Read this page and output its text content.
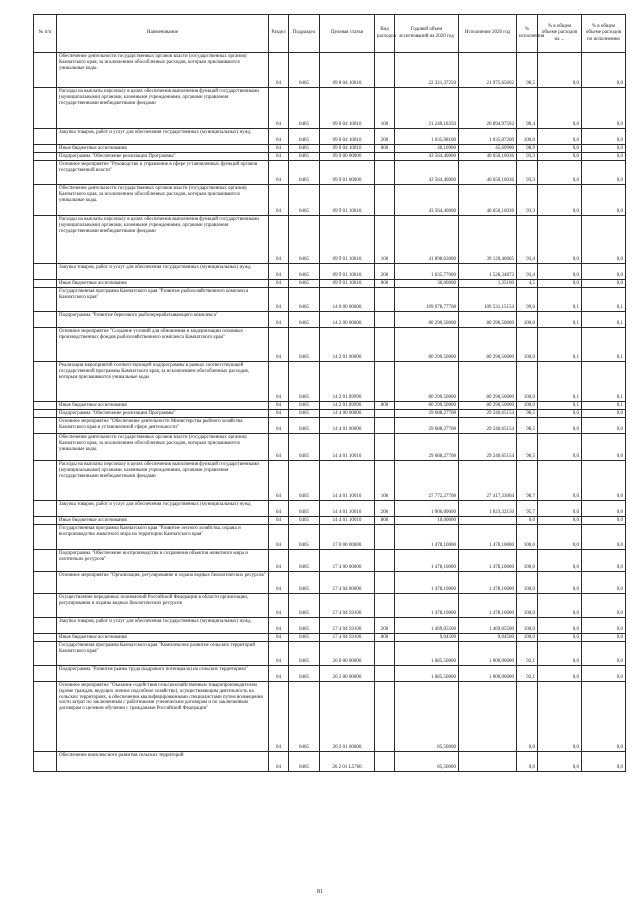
№ п/п	Наименование	Раздел	Подраздел	Целевая статья	Вид расходов	Годовой объем ассигнований на 2020 год	Исполнение 2020 год	% исполнения	% в общем объеме расходов на ...	% в общем объеме расходов по исполнению
	Обеспечение деятельности государственных органов власти (государственных органов) Камчатского края, за исключением обособленных расходов, которым присваиваются уникальные коды.	04	0405	09 8 04 10010		22 321,37250	21 975,65602	98,5	0,0	0,0
	Расходы на выплаты персоналу в целях обеспечения выполнения функций государственными (муниципальными) органами, казенными учреждениями, органами управления государственными внебюджетными фондами	04	0405	09 8 04 10010	100	21 240,18350	20 894,97502	98,4	0,0	0,0
	Закупка товаров, работ и услуг для обеспечения государственных (муниципальных) нужд	04	0405	09 8 04 10010	200	1 035,08100	1 035,07200	100,0	0,0	0,0
	Иные бюджетные ассигнования	04	0405	09 8 04 10010	800	46,10900	45,60900	98,9	0,0	0,0
	Подпрограмма "Обеспечение реализации Программы"	04	0405	09 9 00 00000		43 564,40000	40 650,16036	93,3	0,0	0,0
	Основное мероприятие "Руководство и управление в сфере установленных функций органов государственной власти"	04	0405	09 9 01 00000		43 564,40000	40 650,16036	93,3	0,0	0,0
	Обеспечение деятельности государственных органов власти (государственных органов) Камчатского края, за исключением обособленных расходов, которым присваиваются уникальные коды.	04	0405	09 9 01 10010		43 564,40000	40 650,16036	93,3	0,0	0,0
	Расходы на выплаты персоналу в целях обеспечения выполнения функций государственными (муниципальными) органами, казенными учреждениями, органами управления государственными внебюджетными фондами	04	0405	09 9 01 10010	100	41 898,63000	39 120,46065	93,4	0,0	0,0
	Закупка товаров, работ и услуг для обеспечения государственных (муниципальных) нужд	04	0405	09 9 01 10010	200	1 635,77000	1 528,34873	93,4	0,0	0,0
	Иные бюджетные ассигнования	04	0405	09 9 01 10010	800	30,00000	1,35100	4,5	0,0	0,0
	Государственная программа Камчатского края "Развитие рыбохозяйственного комплекса Камчатского края"	04	0405	14 0 00 00000		109 978,77708	109 531,15154	99,6	0,1	0,1
	Подпрограмма "Развитие берегового рыбоперерабатывающего комплекса"	04	0405	14 2 00 00000		80 290,50000	80 290,50000	100,0	0,1	0,1
	Основное мероприятие "Создание условий для обновления и модернизации основных производственных фондов рыбохозяйственного комплекса Камчатского края"	04	0405	14 2 01 00000		80 290,50000	80 290,50000	100,0	0,1	0,1
	Реализация мероприятий соответствующей подпрограммы в рамках соответствующей государственной программы Камчатского края, за исключением обособленных расходов, которым присваиваются уникальные коды	04	0405	14 2 01 89990		80 290,50000	80 290,50000	100,0	0,1	0,1
	Иные бюджетные ассигнования	04	0405	14 2 01 89990	800	80 290,50000	80 290,50000	100,0	0,1	0,1
	Подпрограмма "Обеспечение реализации Программы"	04	0405	14 4 00 00000		29 688,27708	29 240,65154	98,5	0,0	0,0
	Основное мероприятие "Обеспечение деятельности Министерства рыбного хозяйства Камчатского края в установленной сфере деятельности"	04	0405	14 4 01 00000		29 688,27708	29 240,65154	98,5	0,0	0,0
	Обеспечение деятельности государственных органов власти (государственных органов) Камчатского края, за исключением обособленных расходов, которым присваиваются уникальные коды.	04	0405	14 4 01 10010		29 688,27708	29 240,65154	98,5	0,0	0,0
	Расходы на выплаты персоналу в целях обеспечения выполнения функций государственными (муниципальными) органами, казенными учреждениями, органами управления государственными внебюджетными фондами	04	0405	14 4 01 10010	100	27 772,27708	27 417,33004	98,7	0,0	0,0
	Закупка товаров, работ и услуг для обеспечения государственных (муниципальных) нужд	04	0405	14 4 01 10010	200	1 906,00000	1 823,32150	95,7	0,0	0,0
	Иные бюджетные ассигнования	04	0405	14 4 01 10010	800	10,00000		0,0	0,0	0,0
	Государственная программа Камчатского края "Развитие лесного хозяйства, охрана и воспроизводство животного мира на территории Камчатского края"	04	0405	17 0 00 00000		1 478,10000	1 478,10000	100,0	0,0	0,0
	Подпрограмма "Обеспечение воспроизводства и сохранения объектов животного мира и охотничьих ресурсов"	04	0405	17 4 00 00000		1 478,10000	1 478,10000	100,0	0,0	0,0
	Основное мероприятие "Организация, регулирование и охрана водных биологических ресурсов"	04	0405	17 4 04 00000		1 478,10000	1 478,10000	100,0	0,0	0,0
	Осуществление переданных полномочий Российской Федерации в области организации, регулирования и охраны водных биологических ресурсов	04	0405	17 4 04 59100		1 478,10000	1 478,10000	100,0	0,0	0,0
	Закупка товаров, работ и услуг для обеспечения государственных (муниципальных) нужд	04	0405	17 4 04 59100	200	1 469,05500	1 469,05500	100,0	0,0	0,0
	Иные бюджетные ассигнования	04	0405	17 4 04 59100	800	9,04500	9,04500	100,0	0,0	0,0
	Государственная программа Камчатского края "Комплексное развитие сельских территорий Камчатского края"	04	0405	26 0 00 00000		1 085,50000	1 000,00000	92,1	0,0	0,0
	Подпрограмма "Развитие рынка труда (кадрового потенциала) на сельских территориях"	04	0405	26 2 00 00000		1 085,50000	1 000,00000	92,1	0,0	0,0
	Основное мероприятие "Оказание содействия сельскохозяйственным товаропроизводителям (кроме граждан, ведущих личное подсобное хозяйство), осуществляющим деятельность на сельских территориях, в обеспечении квалифицированными специалистами путем возмещения части затрат по заключенным с работниками ученическим договорам и по заключенным договорам о целевом обучении с гражданами Российской Федерации"	04	0405	26 2 01 00000		85,50000		0,0	0,0	0,0
	Обеспечение комплексного развития сельских территорий	04	0405	26 2 01 L5760		85,50000		0,0	0,0	0,0
81
